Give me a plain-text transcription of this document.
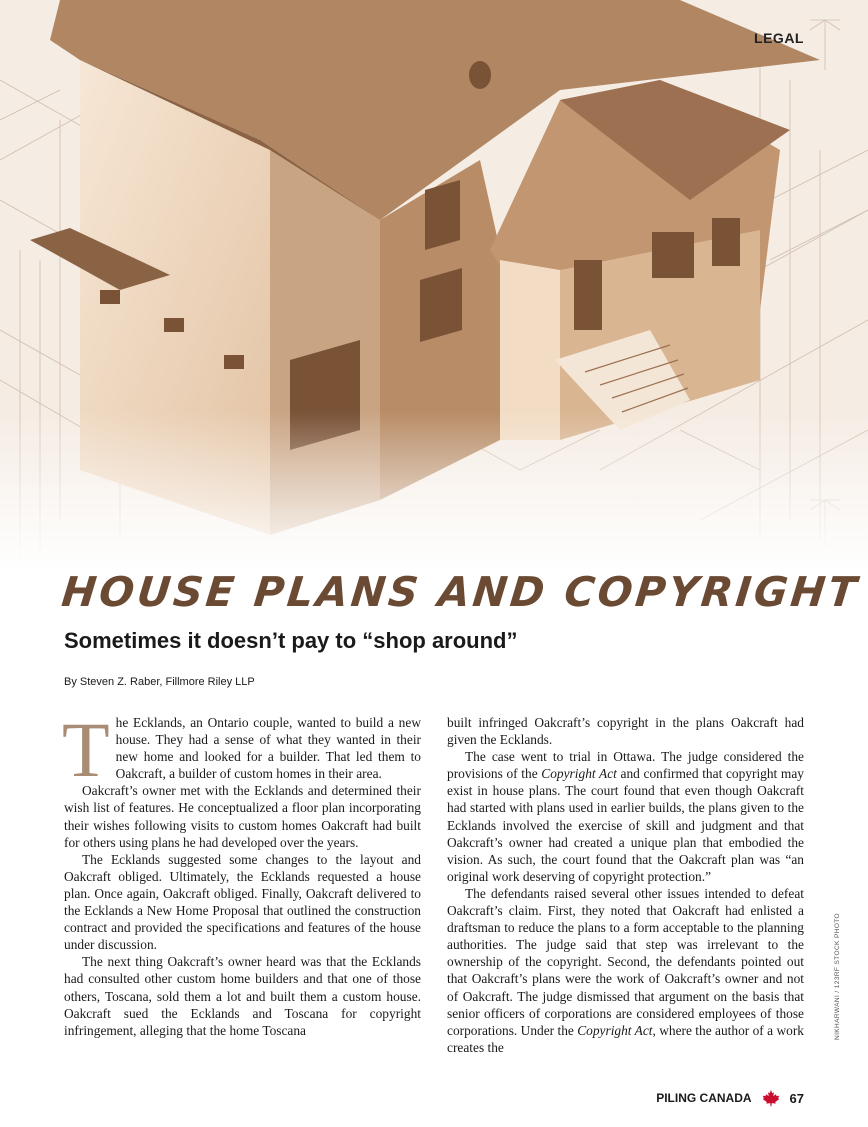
LEGAL
HOUSE PLANS AND COPYRIGHT
Sometimes it doesn’t pay to “shop around”
By Steven Z. Raber, Fillmore Riley LLP

The Ecklands, an Ontario couple, wanted to build a new house. They had a sense of what they wanted in their new home and looked for a builder. That led them to Oakcraft, a builder of custom homes in their area.

Oakcraft’s owner met with the Ecklands and determined their wish list of features. He conceptualized a floor plan incorporating their wishes following visits to custom homes Oakcraft had built for others using plans he had developed over the years.

The Ecklands suggested some changes to the layout and Oakcraft obliged. Ultimately, the Ecklands requested a house plan. Once again, Oakcraft obliged. Finally, Oakcraft delivered to the Ecklands a New Home Proposal that outlined the construction contract and provided the specifications and features of the house under discussion.

The next thing Oakcraft’s owner heard was that the Ecklands had consulted other custom home builders and that one of those others, Toscana, sold them a lot and built them a custom house. Oakcraft sued the Ecklands and Toscana for copyright infringement, alleging that the home Toscana

built infringed Oakcraft’s copyright in the plans Oakcraft had given the Ecklands.

The case went to trial in Ottawa. The judge considered the provisions of the Copyright Act and confirmed that copyright may exist in house plans. The court found that even though Oakcraft had started with plans used in earlier builds, the plans given to the Ecklands involved the exercise of skill and judgment and that Oakcraft’s owner had created a unique plan that embodied the vision. As such, the court found that the Oakcraft plan was “an original work deserving of copyright protection.”

The defendants raised several other issues intended to defeat Oakcraft’s claim. First, they noted that Oakcraft had enlisted a draftsman to reduce the plans to a form acceptable to the planning authorities. The judge said that step was irrelevant to the ownership of the copyright. Second, the defendants pointed out that Oakcraft’s plans were the work of Oakcraft’s owner and not of Oakcraft. The judge dismissed that argument on the basis that senior officers of corporations are considered employees of those corporations. Under the Copyright Act, where the author of a work creates the

NIKHARWANI / 123RF STOCK PHOTO
PILING CANADA	67
